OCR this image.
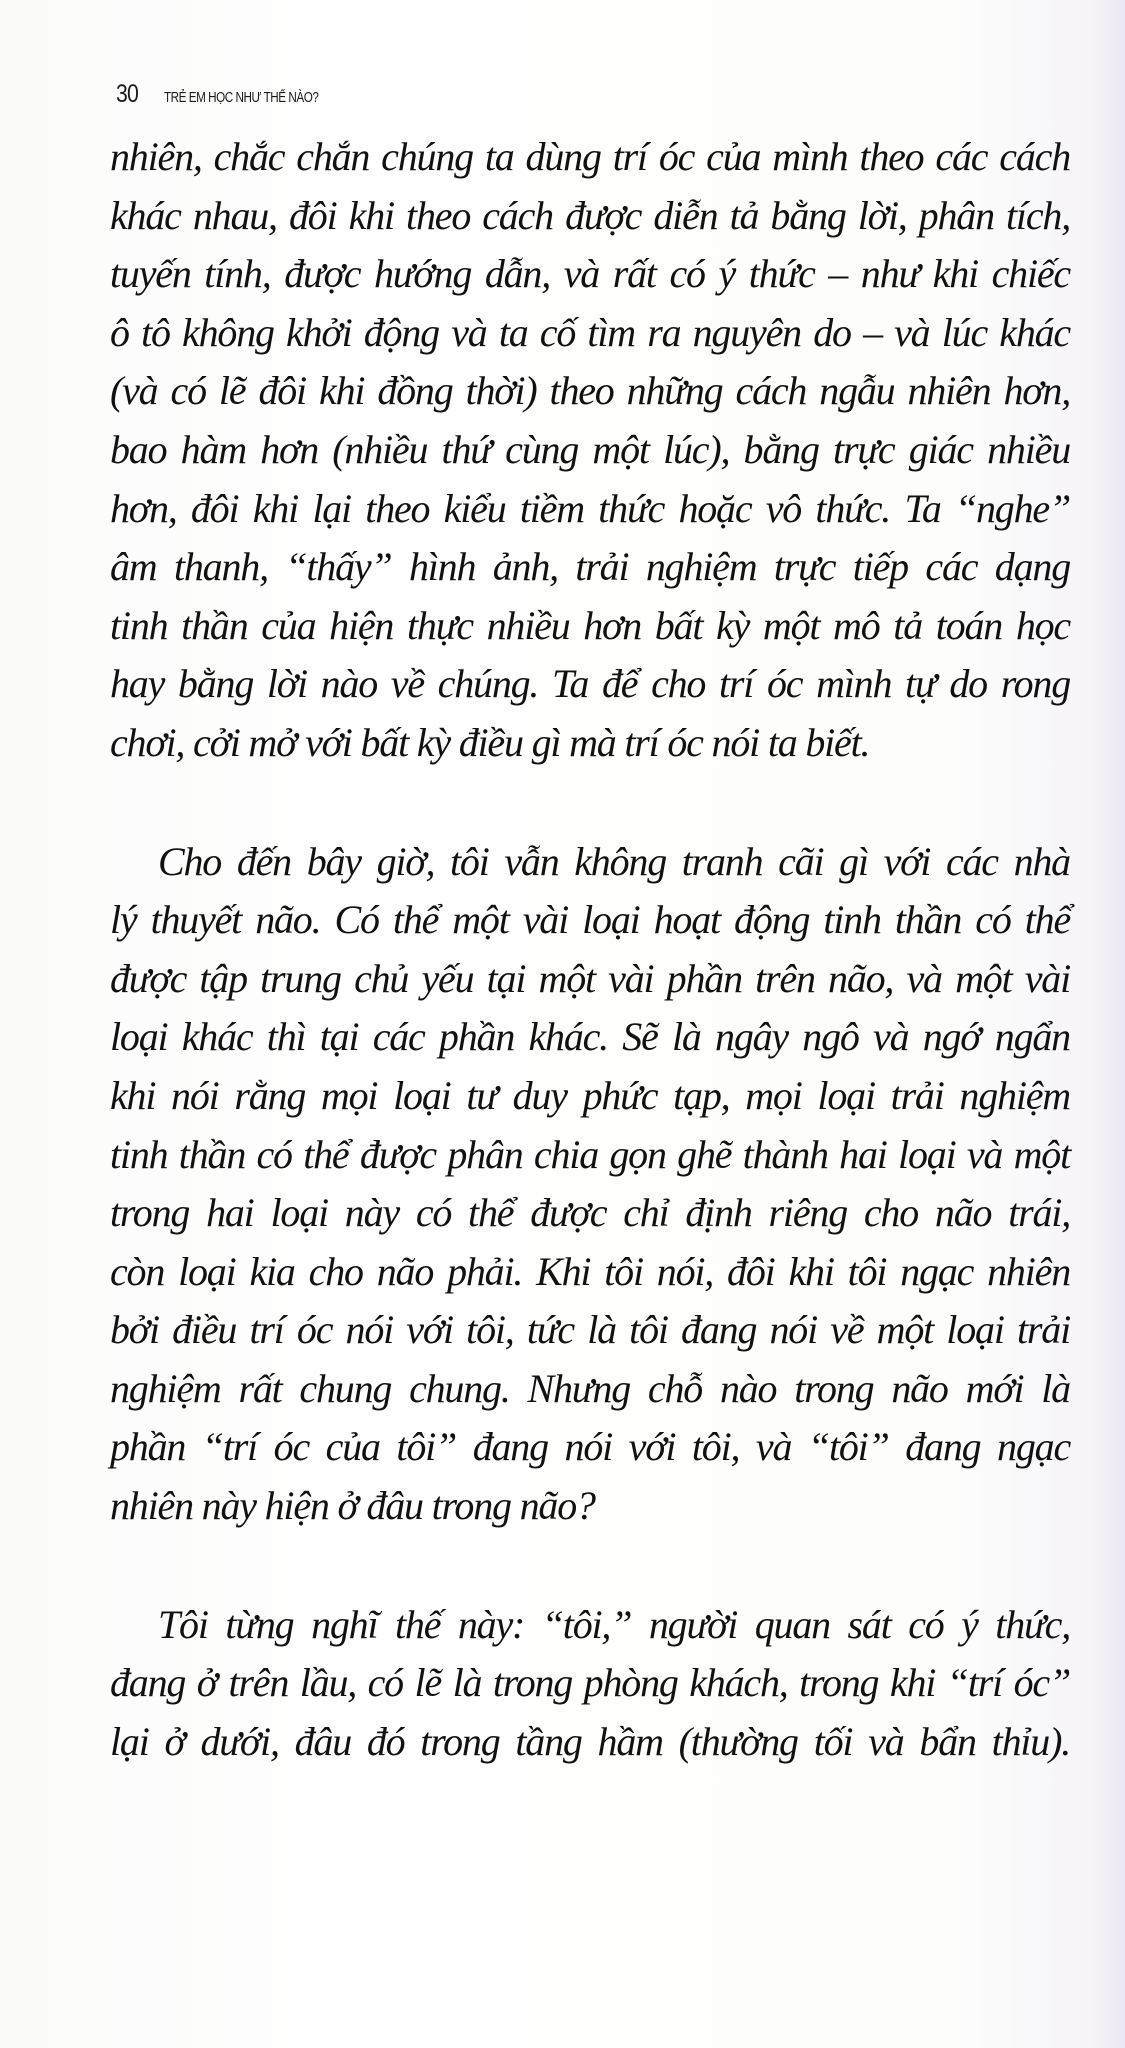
30	TRẺ EM HỌC NHƯ THẾ NÀO?
nhiên, chắc chắn chúng ta dùng trí óc của mình theo các cách
khác nhau, đôi khi theo cách được diễn tả bằng lời, phân tích,
tuyến tính, được hướng dẫn, và rất có ý thức – như khi chiếc
ô tô không khởi động và ta cố tìm ra nguyên do – và lúc khác
(và có lẽ đôi khi đồng thời) theo những cách ngẫu nhiên hơn,
bao hàm hơn (nhiều thứ cùng một lúc), bằng trực giác nhiều
hơn, đôi khi lại theo kiểu tiềm thức hoặc vô thức. Ta “nghe”
âm thanh, “thấy” hình ảnh, trải nghiệm trực tiếp các dạng
tinh thần của hiện thực nhiều hơn bất kỳ một mô tả toán học
hay bằng lời nào về chúng. Ta để cho trí óc mình tự do rong
chơi, cởi mở với bất kỳ điều gì mà trí óc nói ta biết.
Cho đến bây giờ, tôi vẫn không tranh cãi gì với các nhà
lý thuyết não. Có thể một vài loại hoạt động tinh thần có thể
được tập trung chủ yếu tại một vài phần trên não, và một vài
loại khác thì tại các phần khác. Sẽ là ngây ngô và ngớ ngẩn
khi nói rằng mọi loại tư duy phức tạp, mọi loại trải nghiệm
tinh thần có thể được phân chia gọn ghẽ thành hai loại và một
trong hai loại này có thể được chỉ định riêng cho não trái,
còn loại kia cho não phải. Khi tôi nói, đôi khi tôi ngạc nhiên
bởi điều trí óc nói với tôi, tức là tôi đang nói về một loại trải
nghiệm rất chung chung. Nhưng chỗ nào trong não mới là
phần “trí óc của tôi” đang nói với tôi, và “tôi” đang ngạc
nhiên này hiện ở đâu trong não?
Tôi từng nghĩ thế này: “tôi,” người quan sát có ý thức,
đang ở trên lầu, có lẽ là trong phòng khách, trong khi “trí óc”
lại ở dưới, đâu đó trong tầng hầm (thường tối và bẩn thỉu).
